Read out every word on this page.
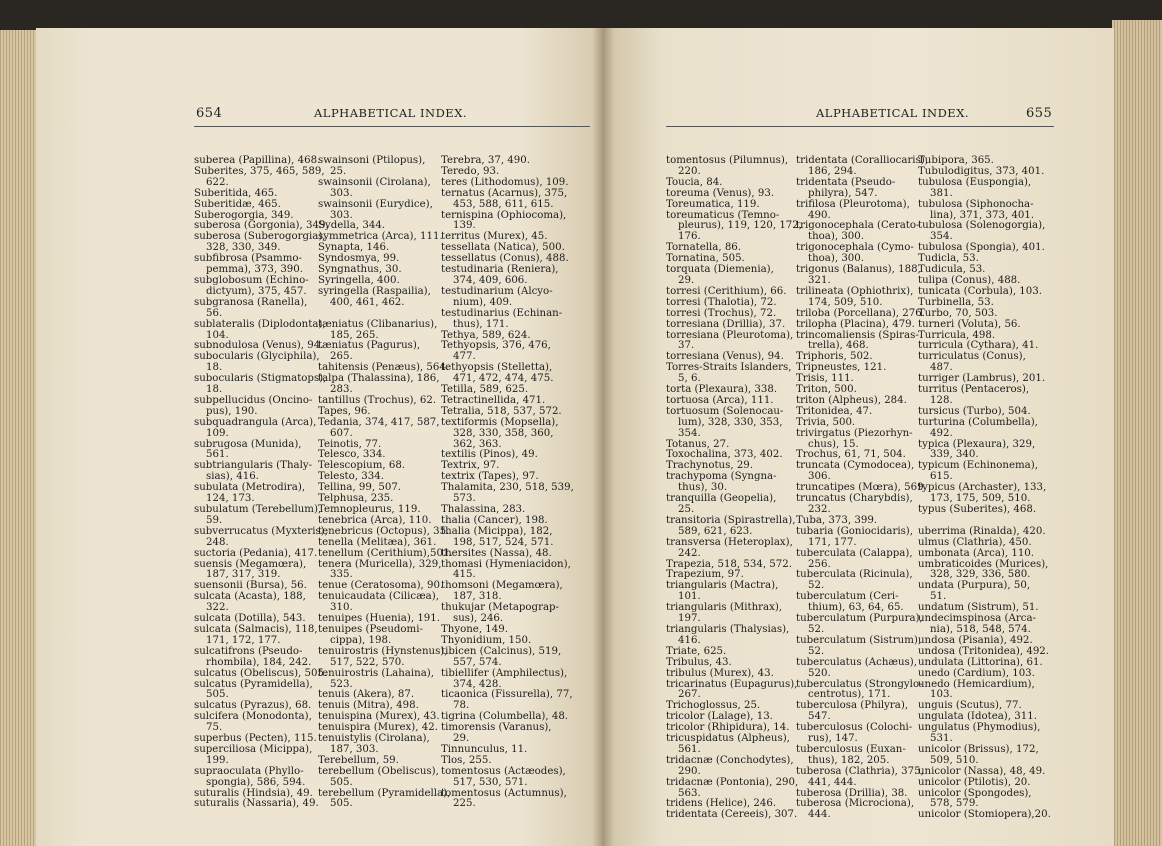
654	ALPHABETICAL INDEX.
suberea (Papillina), 468.
Suberites, 375, 465, 589,
622.
Suberitida, 465.
Suberitidæ, 465.
Suberogorgia, 349.
suberosa (Gorgonia), 349.
suberosa (Suberogorgia),
328, 330, 349.
subfibrosa (Psammo-
pemma), 373, 390.
subglobosum (Echino-
dictyum), 375, 457.
subgranosa (Ranella),
56.
sublateralis (Diplodonta),
104.
subnodulosa (Venus), 94.
subocularis (Glyciphila),
18.
subocularis (Stigmatops),
18.
subpellucidus (Oncino-
pus), 190.
subquadrangula (Arca),
109.
subrugosa (Munida),
561.
subtriangularis (Thaly-
sias), 416.
subulata (Metrodira),
124, 173.
subulatum (Terebellum),
59.
subverrucatus (Myxteris),
248.
suctoria (Pedania), 417.
suensis (Megamœra),
187, 317, 319.
suensonii (Bursa), 56.
sulcata (Acasta), 188,
322.
sulcata (Dotilla), 543.
sulcata (Salmacis), 118,
171, 172, 177.
sulcatifrons (Pseudo-
rhombila), 184, 242.
sulcatus (Obeliscus), 505.
sulcatus (Pyramidella),
505.
sulcatus (Pyrazus), 68.
sulcifera (Monodonta),
75.
superbus (Pecten), 115.
superciliosa (Micippa),
199.
supraoculata (Phyllo-
spongia), 586, 594.
suturalis (Hindsia), 49.
suturalis (Nassaria), 49.
swainsoni (Ptilopus),
25.
swainsonii (Cirolana),
303.
swainsonii (Eurydice),
303.
Sydella, 344.
symmetrica (Arca), 111.
Synapta, 146.
Syndosmya, 99.
Syngnathus, 30.
Syringella, 400.
syringella (Raspailia),
400, 461, 462.

tæniatus (Clibanarius),
185, 265.
tæniatus (Pagurus),
265.
tahitensis (Penæus), 564.
talpa (Thalassina), 186,
283.
tantillus (Trochus), 62.
Tapes, 96.
Tedania, 374, 417, 587,
607.
Teinotis, 77.
Telesco, 334.
Telescopium, 68.
Telesto, 334.
Tellina, 99, 507.
Telphusa, 235.
Temnopleurus, 119.
tenebrica (Arca), 110.
tenebricus (Octopus), 35.
tenella (Melitæa), 361.
tenellum (Cerithium),501.
tenera (Muricella), 329,
335.
tenue (Ceratosoma), 90.
tenuicaudata (Cilicæa),
310.
tenuipes (Huenia), 191.
tenuipes (Pseudomi-
cippa), 198.
tenuirostris (Hynstenus),
517, 522, 570.
tenuirostris (Lahaina),
523.
tenuis (Akera), 87.
tenuis (Mitra), 498.
tenuispina (Murex), 43.
tenuispira (Murex), 42.
tenuistylis (Cirolana),
187, 303.
Terebellum, 59.
terebellum (Obeliscus),
505.
terebellum (Pyramidella),
505.
Terebra, 37, 490.
Teredo, 93.
teres (Lithodomus), 109.
ternatus (Acarnus), 375,
453, 588, 611, 615.
ternispina (Ophiocoma),
139.
territus (Murex), 45.
tessellata (Natica), 500.
tessellatus (Conus), 488.
testudinaria (Reniera),
374, 409, 606.
testudinarium (Alcyo-
nium), 409.
testudinarius (Echinan-
thus), 171.
Tethya, 589, 624.
Tethyopsis, 376, 476,
477.
tethyopsis (Stelletta),
471, 472, 474, 475.
Tetilla, 589, 625.
Tetractinellida, 471.
Tetralia, 518, 537, 572.
textiformis (Mopsella),
328, 330, 358, 360,
362, 363.
textilis (Pinos), 49.
Textrix, 97.
textrix (Tapes), 97.
Thalamita, 230, 518, 539,
573.
Thalassina, 283.
thalia (Cancer), 198.
thalia (Micippa), 182,
198, 517, 524, 571.
thersites (Nassa), 48.
thomasi (Hymeniacidon),
415.
thomsoni (Megamœra),
187, 318.
thukujar (Metapograp-
sus), 246.
Thyone, 149.
Thyonidium, 150.
tibicen (Calcinus), 519,
557, 574.
tibiellifer (Amphilectus),
374, 428.
ticaonica (Fissurella), 77,
78.
tigrina (Columbella), 48.
timorensis (Varanus),
29.
Tinnunculus, 11.
Tlos, 255.
tomentosus (Actæodes),
517, 530, 571.
tomentosus (Actumnus),
225.
ALPHABETICAL INDEX.	655
tomentosus (Pilumnus),
220.
Toucia, 84.
toreuma (Venus), 93.
Toreumatica, 119.
toreumaticus (Temno-
pleurus), 119, 120, 172,
176.
Tornatella, 86.
Tornatina, 505.
torquata (Diemenia),
29.
torresi (Cerithium), 66.
torresi (Thalotia), 72.
torresi (Trochus), 72.
torresiana (Drillia), 37.
torresiana (Pleurotoma),
37.
torresiana (Venus), 94.
Torres-Straits Islanders,
5, 6.
torta (Plexaura), 338.
tortuosa (Arca), 111.
tortuosum (Solenocau-
lum), 328, 330, 353,
354.
Totanus, 27.
Toxochalina, 373, 402.
Trachynotus, 29.
trachypoma (Syngna-
thus), 30.
tranquilla (Geopelia),
25.
transitoria (Spirastrella),
589, 621, 623.
transversa (Heteroplax),
242.
Trapezia, 518, 534, 572.
Trapezium, 97.
triangularis (Mactra),
101.
triangularis (Mithrax),
197.
triangularis (Thalysias),
416.
Triate, 625.
Tribulus, 43.
tribulus (Murex), 43.
tricarinatus (Eupagurus),
267.
Trichoglossus, 25.
tricolor (Lalage), 13.
tricolor (Rhipidura), 14.
tricuspidatus (Alpheus),
561.
tridacnæ (Conchodytes),
290.
tridacnæ (Pontonia), 290,
563.
tridens (Helice), 246.
tridentata (Cereeis), 307.
tridentata (Coralliocaris),
186, 294.
tridentata (Pseudo-
philyra), 547.
trifilosa (Pleurotoma),
490.
trigonocephala (Cerato-
thoa), 300.
trigonocephala (Cymo-
thoa), 300.
trigonus (Balanus), 188,
321.
trilineata (Ophiothrix),
174, 509, 510.
triloba (Porcellana), 276.
trilopha (Placina), 479.
trincomaliensis (Spiras-
trella), 468.
Triphoris, 502.
Tripneustes, 121.
Trisis, 111.
Triton, 500.
triton (Alpheus), 284.
Tritonidea, 47.
Trivia, 500.
trivirgatus (Piezorhyn-
chus), 15.
Trochus, 61, 71, 504.
truncata (Cymodocea),
306.
truncatipes (Mœra), 569.
truncatus (Charybdis),
232.
Tuba, 373, 399.
tubaria (Goniocidaris),
171, 177.
tuberculata (Calappa),
256.
tuberculata (Ricinula),
52.
tuberculatum (Ceri-
thium), 63, 64, 65.
tuberculatum (Purpura),
52.
tuberculatum (Sistrum),
52.
tuberculatus (Achæus),
520.
tuberculatus (Strongylo-
centrotus), 171.
tuberculosa (Philyra),
547.
tuberculosus (Colochi-
rus), 147.
tuberculosus (Euxan-
thus), 182, 205.
tuberosa (Clathria), 375,
441, 444.
tuberosa (Drillia), 38.
tuberosa (Microciona),
444.
Tubipora, 365.
Tubulodigitus, 373, 401.
tubulosa (Euspongia),
381.
tubulosa (Siphonocha-
lina), 371, 373, 401.
tubulosa (Solenogorgia),
354.
tubulosa (Spongia), 401.
Tudicla, 53.
Tudicula, 53.
tulipa (Conus), 488.
tunicata (Corbula), 103.
Turbinella, 53.
Turbo, 70, 503.
turneri (Voluta), 56.
Turricula, 498.
turricula (Cythara), 41.
turriculatus (Conus),
487.
turriger (Lambrus), 201.
turritus (Pentaceros),
128.
tursicus (Turbo), 504.
turturina (Columbella),
492.
typica (Plexaura), 329,
339, 340.
typicum (Echinonema),
615.
typicus (Archaster), 133,
173, 175, 509, 510.
typus (Suberites), 468.

uberrima (Rinalda), 420.
ulmus (Clathria), 450.
umbonata (Arca), 110.
umbraticoides (Murices),
328, 329, 336, 580.
undata (Purpura), 50,
51.
undatum (Sistrum), 51.
undecimspinosa (Arca-
nia), 518, 548, 574.
undosa (Pisania), 492.
undosa (Tritonidea), 492.
undulata (Littorina), 61.
unedo (Cardium), 103.
unedo (Hemicardium),
103.
unguis (Scutus), 77.
ungulata (Idotea), 311.
ungulatus (Phymodius),
531.
unicolor (Brissus), 172,
509, 510.
unicolor (Nassa), 48, 49.
unicolor (Ptilotis), 20.
unicolor (Spongodes),
578, 579.
unicolor (Stomiopera),20.
